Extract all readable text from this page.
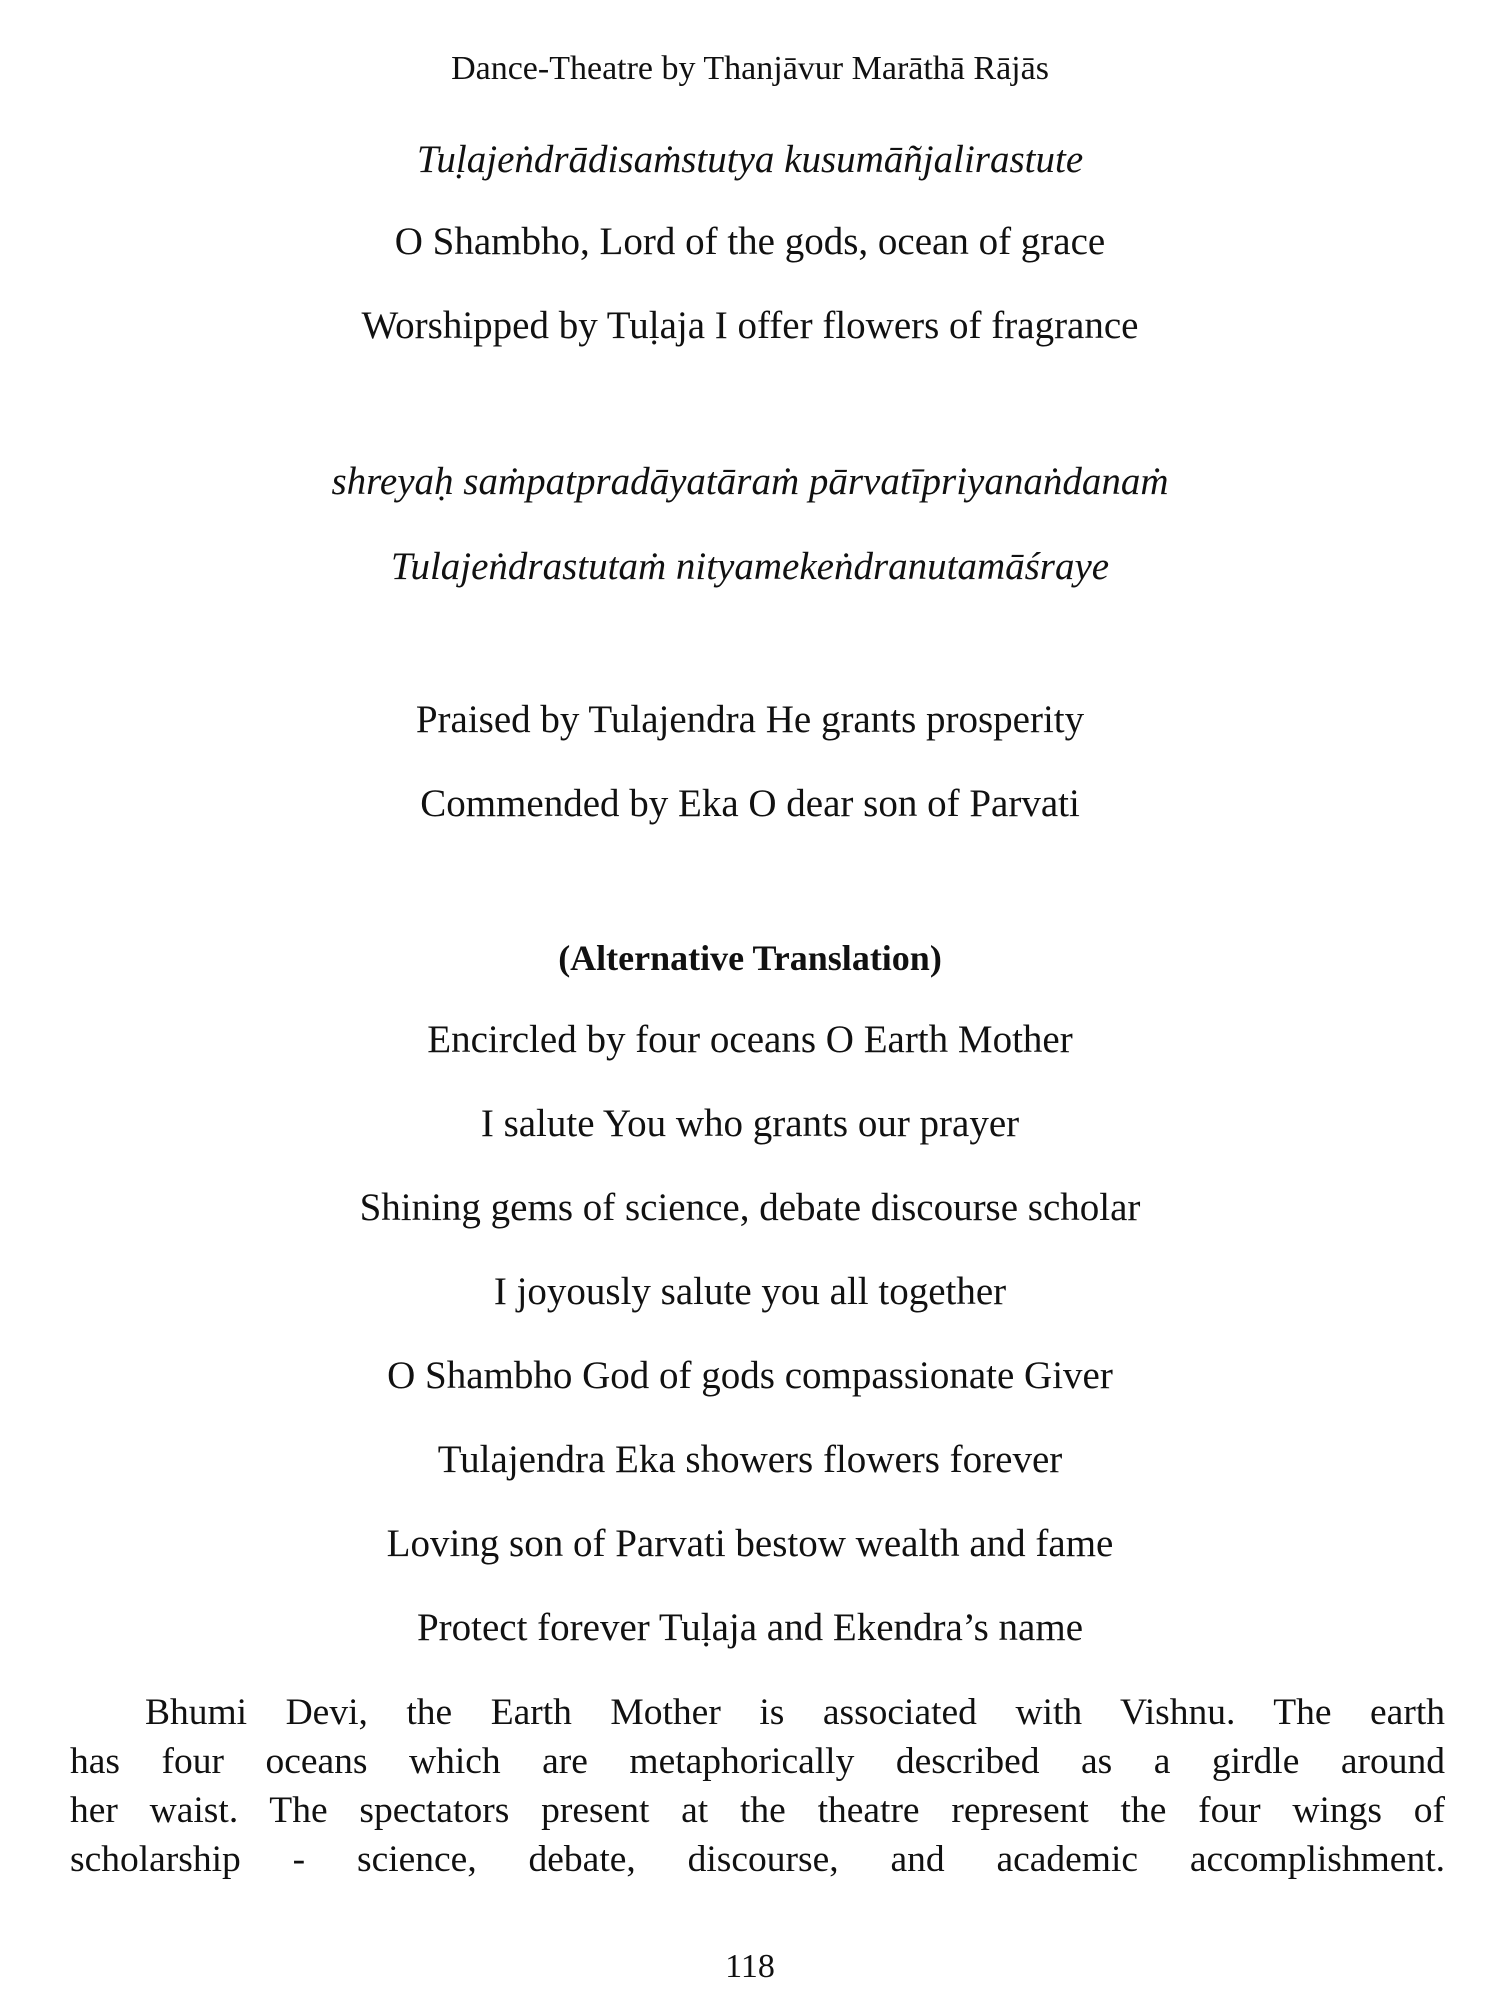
Dance-Theatre by Thanjāvur Marāthā Rājās
Tuḷajeṅdrādisaṁstutya kusumāñjalirastute
O Shambho, Lord of the gods, ocean of grace
Worshipped by Tuḷaja I offer flowers of fragrance
shreyaḥ saṁpatpradāyatāraṁ pārvatīpriyanaṅdanaṁ
Tulajeṅdrastutaṁ nityamekeṅdranutamāśraye
Praised by Tulajendra He grants prosperity
Commended by Eka O dear son of Parvati
(Alternative Translation)
Encircled by four oceans O Earth Mother
I salute You who grants our prayer
Shining gems of science, debate discourse scholar
I joyously salute you all together
O Shambho God of gods compassionate Giver
Tulajendra Eka showers flowers forever
Loving son of Parvati bestow wealth and fame
Protect forever Tuḷaja and Ekendra’s name
Bhumi Devi, the Earth Mother is associated with Vishnu. The earth
has four oceans which are metaphorically described as a girdle around
her waist. The spectators present at the theatre represent the four wings of
scholarship - science, debate, discourse, and academic accomplishment.
118
